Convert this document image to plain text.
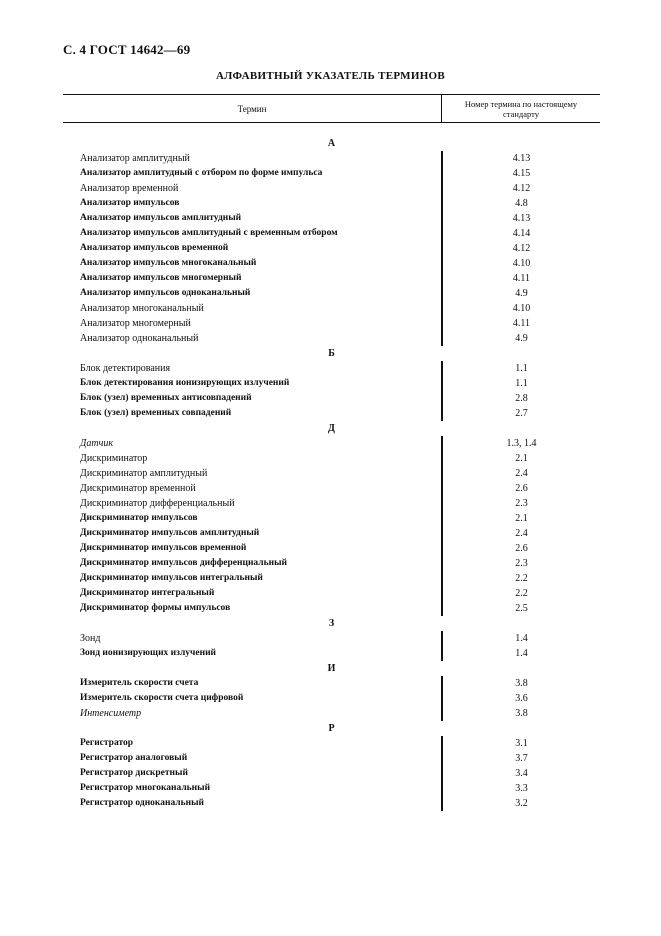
С. 4 ГОСТ 14642—69
АЛФАВИТНЫЙ УКАЗАТЕЛЬ ТЕРМИНОВ
Термин
Номер термина по настоящему стандарту
А
Анализатор амплитудный	4.13
Анализатор амплитудный с отбором по форме импульса	4.15
Анализатор временной	4.12
Анализатор импульсов	4.8
Анализатор импульсов амплитудный	4.13
Анализатор импульсов амплитудный с временным отбором	4.14
Анализатор импульсов временной	4.12
Анализатор импульсов многоканальный	4.10
Анализатор импульсов многомерный	4.11
Анализатор импульсов одноканальный	4.9
Анализатор многоканальный	4.10
Анализатор многомерный	4.11
Анализатор одноканальный	4.9
Б
Блок детектирования	1.1
Блок детектирования ионизирующих излучений	1.1
Блок (узел) временных антисовпадений	2.8
Блок (узел) временных совпадений	2.7
Д
Датчик	1.3, 1.4
Дискриминатор	2.1
Дискриминатор амплитудный	2.4
Дискриминатор временной	2.6
Дискриминатор дифференциальный	2.3
Дискриминатор импульсов	2.1
Дискриминатор импульсов амплитудный	2.4
Дискриминатор импульсов временной	2.6
Дискриминатор импульсов дифференциальный	2.3
Дискриминатор импульсов интегральный	2.2
Дискриминатор интегральный	2.2
Дискриминатор формы импульсов	2.5
З
Зонд	1.4
Зонд ионизирующих излучений	1.4
И
Измеритель скорости счета	3.8
Измеритель скорости счета цифровой	3.6
Интенсиметр	3.8
Р
Регистратор	3.1
Регистратор аналоговый	3.7
Регистратор дискретный	3.4
Регистратор многоканальный	3.3
Регистратор одноканальный	3.2
